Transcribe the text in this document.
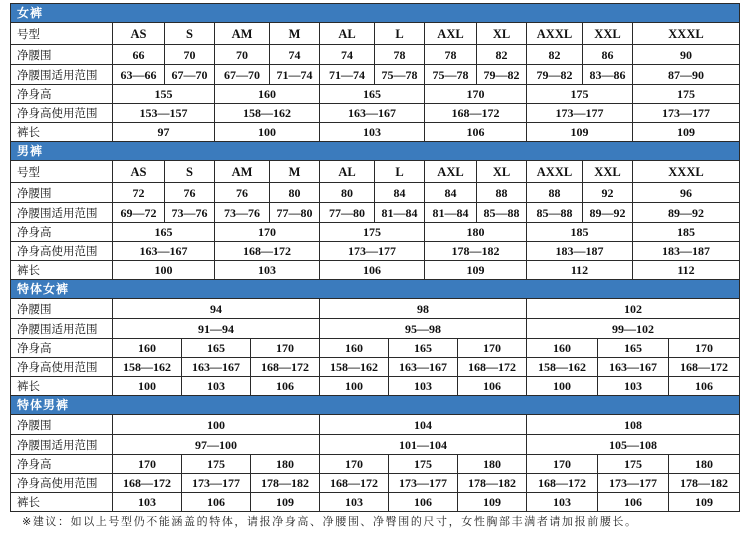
女裤
号型	AS	S	AM	M	AL	L	AXL	XL	AXXL	XXL	XXXL
净腰围	66	70	70	74	74	78	78	82	82	86	90
净腰围适用范围	63—66	67—70	67—70	71—74	71—74	75—78	75—78	79—82	79—82	83—86	87—90
净身高	155	160	165	170	175	175
净身高使用范围	153—157	158—162	163—167	168—172	173—177	173—177
裤长	97	100	103	106	109	109
男裤
号型	AS	S	AM	M	AL	L	AXL	XL	AXXL	XXL	XXXL
净腰围	72	76	76	80	80	84	84	88	88	92	96
净腰围适用范围	69—72	73—76	73—76	77—80	77—80	81—84	81—84	85—88	85—88	89—92	89—92
净身高	165	170	175	180	185	185
净身高使用范围	163—167	168—172	173—177	178—182	183—187	183—187
裤长	100	103	106	109	112	112
特体女裤
净腰围	94	98	102
净腰围适用范围	91—94	95—98	99—102
净身高	160	165	170	160	165	170	160	165	170
净身高使用范围	158—162	163—167	168—172	158—162	163—167	168—172	158—162	163—167	168—172
裤长	100	103	106	100	103	106	100	103	106
特体男裤
净腰围	100	104	108
净腰围适用范围	97—100	101—104	105—108
净身高	170	175	180	170	175	180	170	175	180
净身高使用范围	168—172	173—177	178—182	168—172	173—177	178—182	168—172	173—177	178—182
裤长	103	106	109	103	106	109	103	106	109
※建议：如以上号型仍不能涵盖的特体，请报净身高、净腰围、净臀围的尺寸，女性胸部丰满者请加报前腰长。
